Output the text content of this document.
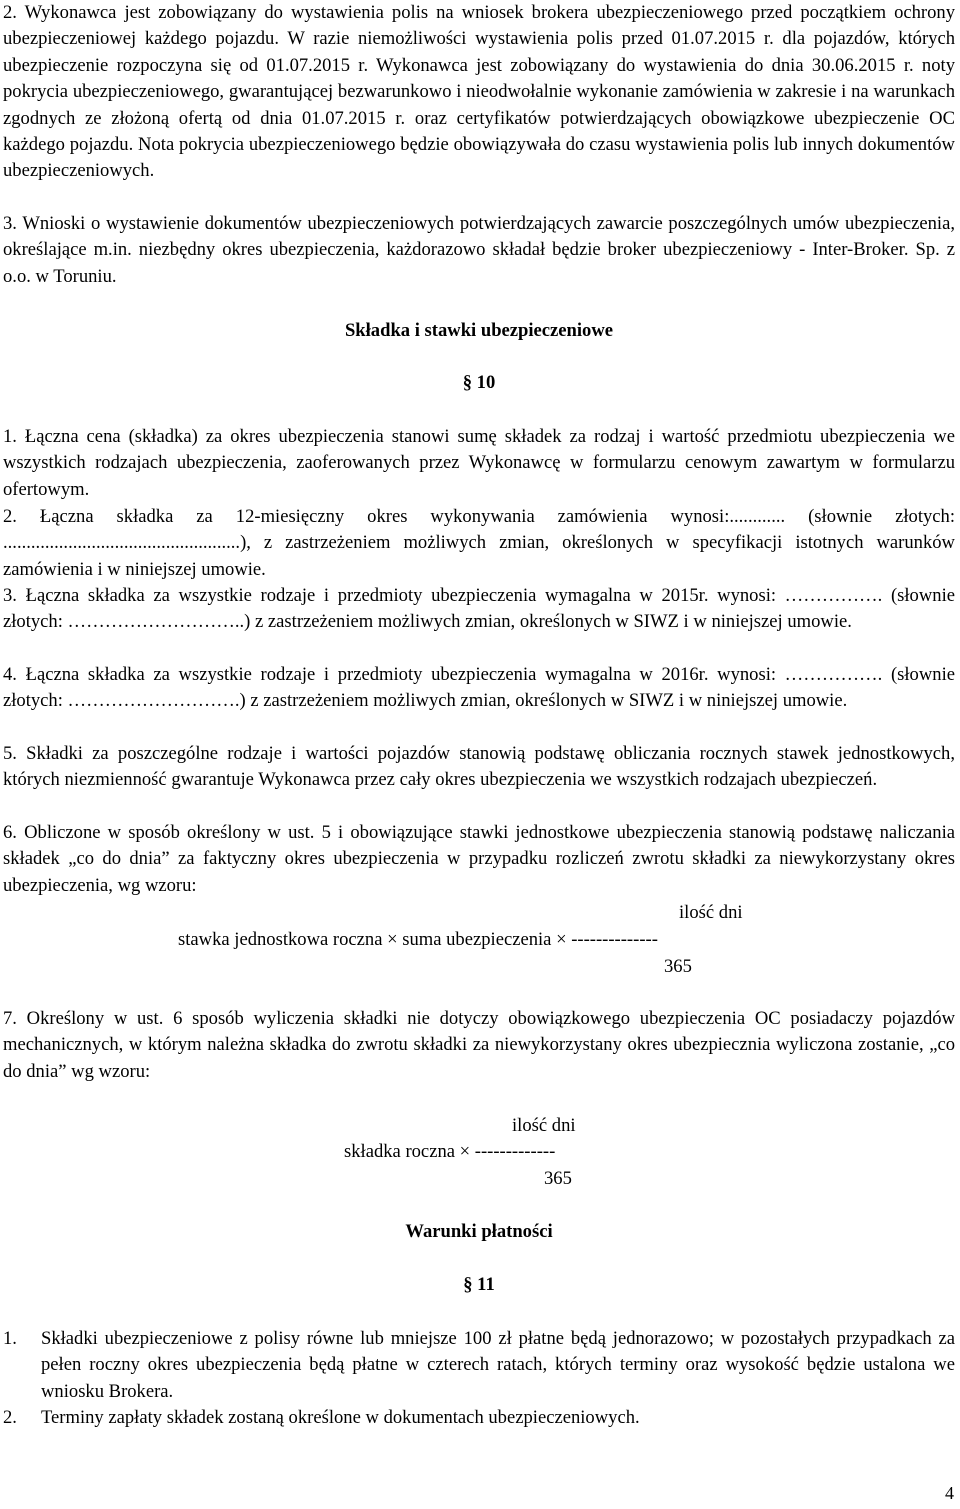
2. Wykonawca jest zobowiązany do wystawienia polis na wniosek brokera ubezpieczeniowego przed początkiem ochrony ubezpieczeniowej każdego pojazdu. W razie niemożliwości wystawienia polis przed 01.07.2015 r. dla pojazdów, których ubezpieczenie rozpoczyna się od 01.07.2015 r. Wykonawca jest zobowiązany do wystawienia do dnia 30.06.2015 r. noty pokrycia ubezpieczeniowego, gwarantującej bezwarunkowo i nieodwołalnie wykonanie zamówienia w zakresie i na warunkach zgodnych ze złożoną ofertą od dnia 01.07.2015 r. oraz certyfikatów potwierdzających obowiązkowe ubezpieczenie OC każdego pojazdu. Nota pokrycia ubezpieczeniowego będzie obowiązywała do czasu wystawienia polis lub innych dokumentów ubezpieczeniowych.

3. Wnioski o wystawienie dokumentów ubezpieczeniowych potwierdzających zawarcie poszczególnych umów ubezpieczenia, określające m.in. niezbędny okres ubezpieczenia, każdorazowo składał będzie broker ubezpieczeniowy - Inter-Broker. Sp. z o.o. w Toruniu.

Składka i stawki ubezpieczeniowe

§ 10

1. Łączna cena (składka) za okres ubezpieczenia stanowi sumę składek za rodzaj i wartość przedmiotu ubezpieczenia we wszystkich rodzajach ubezpieczenia, zaoferowanych przez Wykonawcę w formularzu cenowym zawartym w formularzu ofertowym.

2. Łączna składka za 12-miesięczny okres wykonywania zamówienia wynosi:............ (słownie złotych: ...................................................), z zastrzeżeniem możliwych zmian, określonych w specyfikacji istotnych warunków zamówienia i w niniejszej umowie.

3. Łączna składka za wszystkie rodzaje i przedmioty ubezpieczenia wymagalna w 2015r. wynosi: ……………. (słownie złotych: ………………………..) z zastrzeżeniem możliwych zmian, określonych w SIWZ i w niniejszej umowie.

4. Łączna składka za wszystkie rodzaje i przedmioty ubezpieczenia wymagalna w 2016r. wynosi: ……………. (słownie złotych: ……………………….) z zastrzeżeniem możliwych zmian, określonych w SIWZ i w niniejszej umowie.

5. Składki za poszczególne rodzaje i wartości pojazdów stanowią podstawę obliczania rocznych stawek jednostkowych, których niezmienność gwarantuje Wykonawca przez cały okres ubezpieczenia we wszystkich rodzajach ubezpieczeń.

6. Obliczone w sposób określony w ust. 5 i obowiązujące stawki jednostkowe ubezpieczenia stanowią podstawę naliczania składek „co do dnia” za faktyczny okres ubezpieczenia w przypadku rozliczeń zwrotu składki za niewykorzystany okres ubezpieczenia, wg wzoru:

ilość dni

stawka jednostkowa roczna × suma ubezpieczenia × --------------

365

7. Określony w ust. 6 sposób wyliczenia składki nie dotyczy obowiązkowego ubezpieczenia OC posiadaczy pojazdów mechanicznych, w którym należna składka do zwrotu składki za niewykorzystany okres ubezpiecznia wyliczona zostanie, „co do dnia” wg wzoru:

ilość dni

składka roczna × -------------

365

Warunki płatności

§ 11

1. Składki ubezpieczeniowe z polisy równe lub mniejsze 100 zł płatne będą jednorazowo; w pozostałych przypadkach za pełen roczny okres ubezpieczenia będą płatne w czterech ratach, których terminy oraz wysokość będzie ustalona we wniosku Brokera.
2. Terminy zapłaty składek zostaną określone w dokumentach ubezpieczeniowych.
4
